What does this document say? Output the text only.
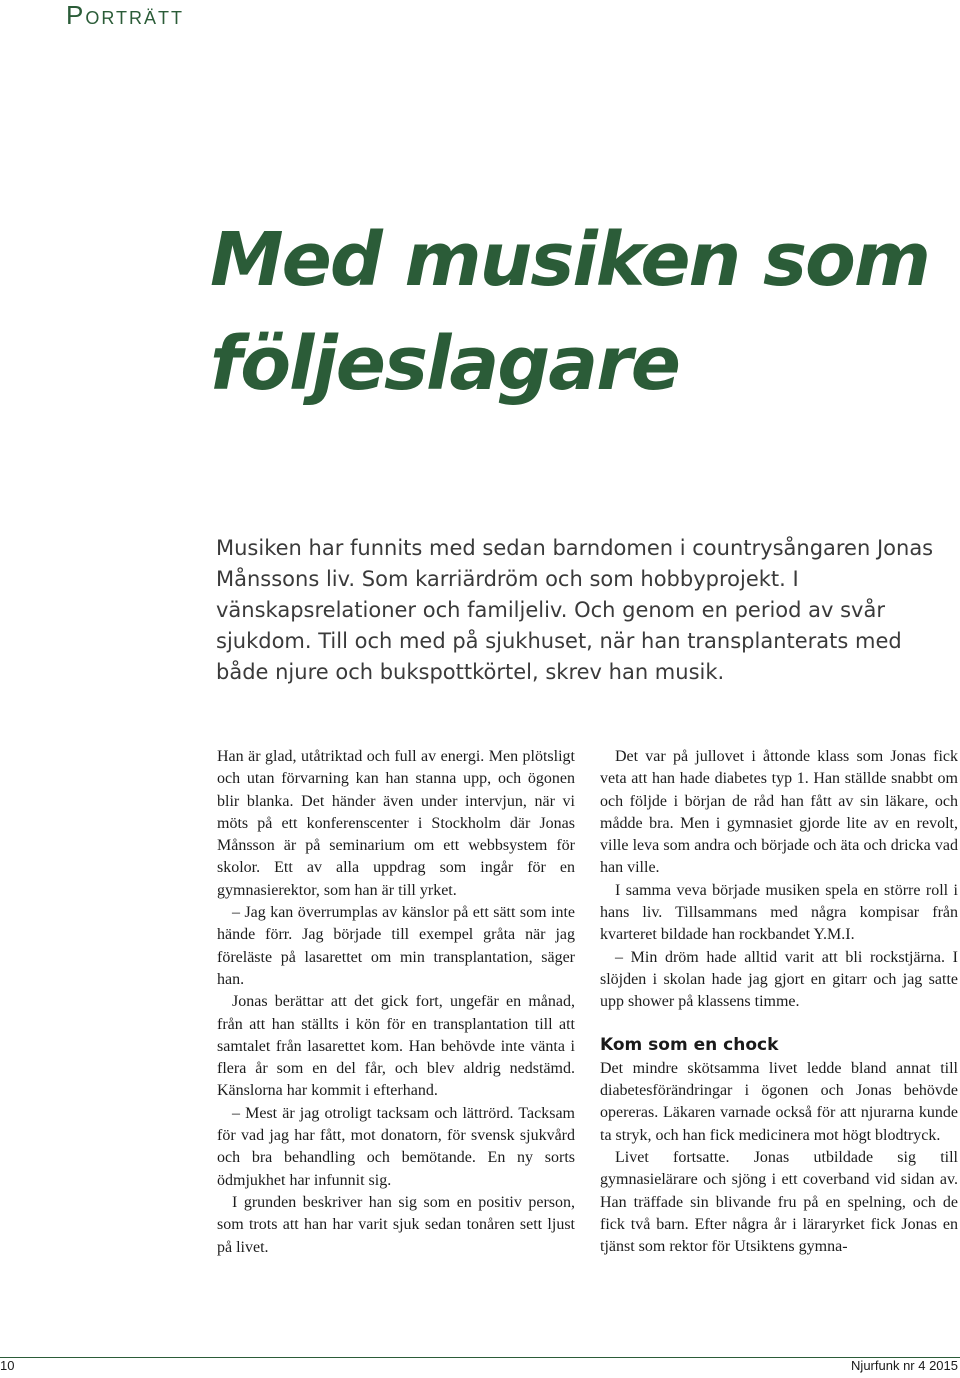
Porträtt
Med musiken som följeslagare

Musiken har funnits med sedan barndomen i countrysångaren Jonas Månssons liv. Som karriärdröm och som hobbyprojekt. I vänskapsrelationer och familjeliv. Och genom en period av svår sjukdom. Till och med på sjukhuset, när han transplanterats med både njure och bukspottkörtel, skrev han musik.

Han är glad, utåtriktad och full av energi. Men plötsligt och utan förvarning kan han stanna upp, och ögonen blir blanka. Det händer även under intervjun, när vi möts på ett konferenscenter i Stockholm där Jonas Månsson är på seminarium om ett webbsystem för skolor. Ett av alla uppdrag som ingår för en gymnasierektor, som han är till yrket.

– Jag kan överrumplas av känslor på ett sätt som inte hände förr. Jag började till exempel gråta när jag föreläste på lasarettet om min transplantation, säger han.

Jonas berättar att det gick fort, ungefär en månad, från att han ställts i kön för en transplantation till att samtalet från lasarettet kom. Han behövde inte vänta i flera år som en del får, och blev aldrig nedstämd. Känslorna har kommit i efterhand.

– Mest är jag otroligt tacksam och lättrörd. Tacksam för vad jag har fått, mot donatorn, för svensk sjukvård och bra behandling och bemötande. En ny sorts ödmjukhet har infunnit sig.

I grunden beskriver han sig som en positiv person, som trots att han har varit sjuk sedan tonåren sett ljust på livet.

Det var på jullovet i åttonde klass som Jonas fick veta att han hade diabetes typ 1. Han ställde snabbt om och följde i början de råd han fått av sin läkare, och mådde bra. Men i gymnasiet gjorde lite av en revolt, ville leva som andra och började och äta och dricka vad han ville.

I samma veva började musiken spela en större roll i hans liv. Tillsammans med några kompisar från kvarteret bildade han rockbandet Y.M.I.

– Min dröm hade alltid varit att bli rockstjärna. I slöjden i skolan hade jag gjort en gitarr och jag satte upp shower på klassens timme.

Kom som en chock

Det mindre skötsamma livet ledde bland annat till diabetesförändringar i ögonen och Jonas behövde opereras. Läkaren varnade också för att njurarna kunde ta stryk, och han fick medicinera mot högt blodtryck.

Livet fortsatte. Jonas utbildade sig till gymnasielärare och sjöng i ett coverband vid sidan av. Han träffade sin blivande fru på en spelning, och de fick två barn. Efter några år i läraryrket fick Jonas en tjänst som rektor för Utsiktens gymna-

10	Njurfunk nr 4 2015
